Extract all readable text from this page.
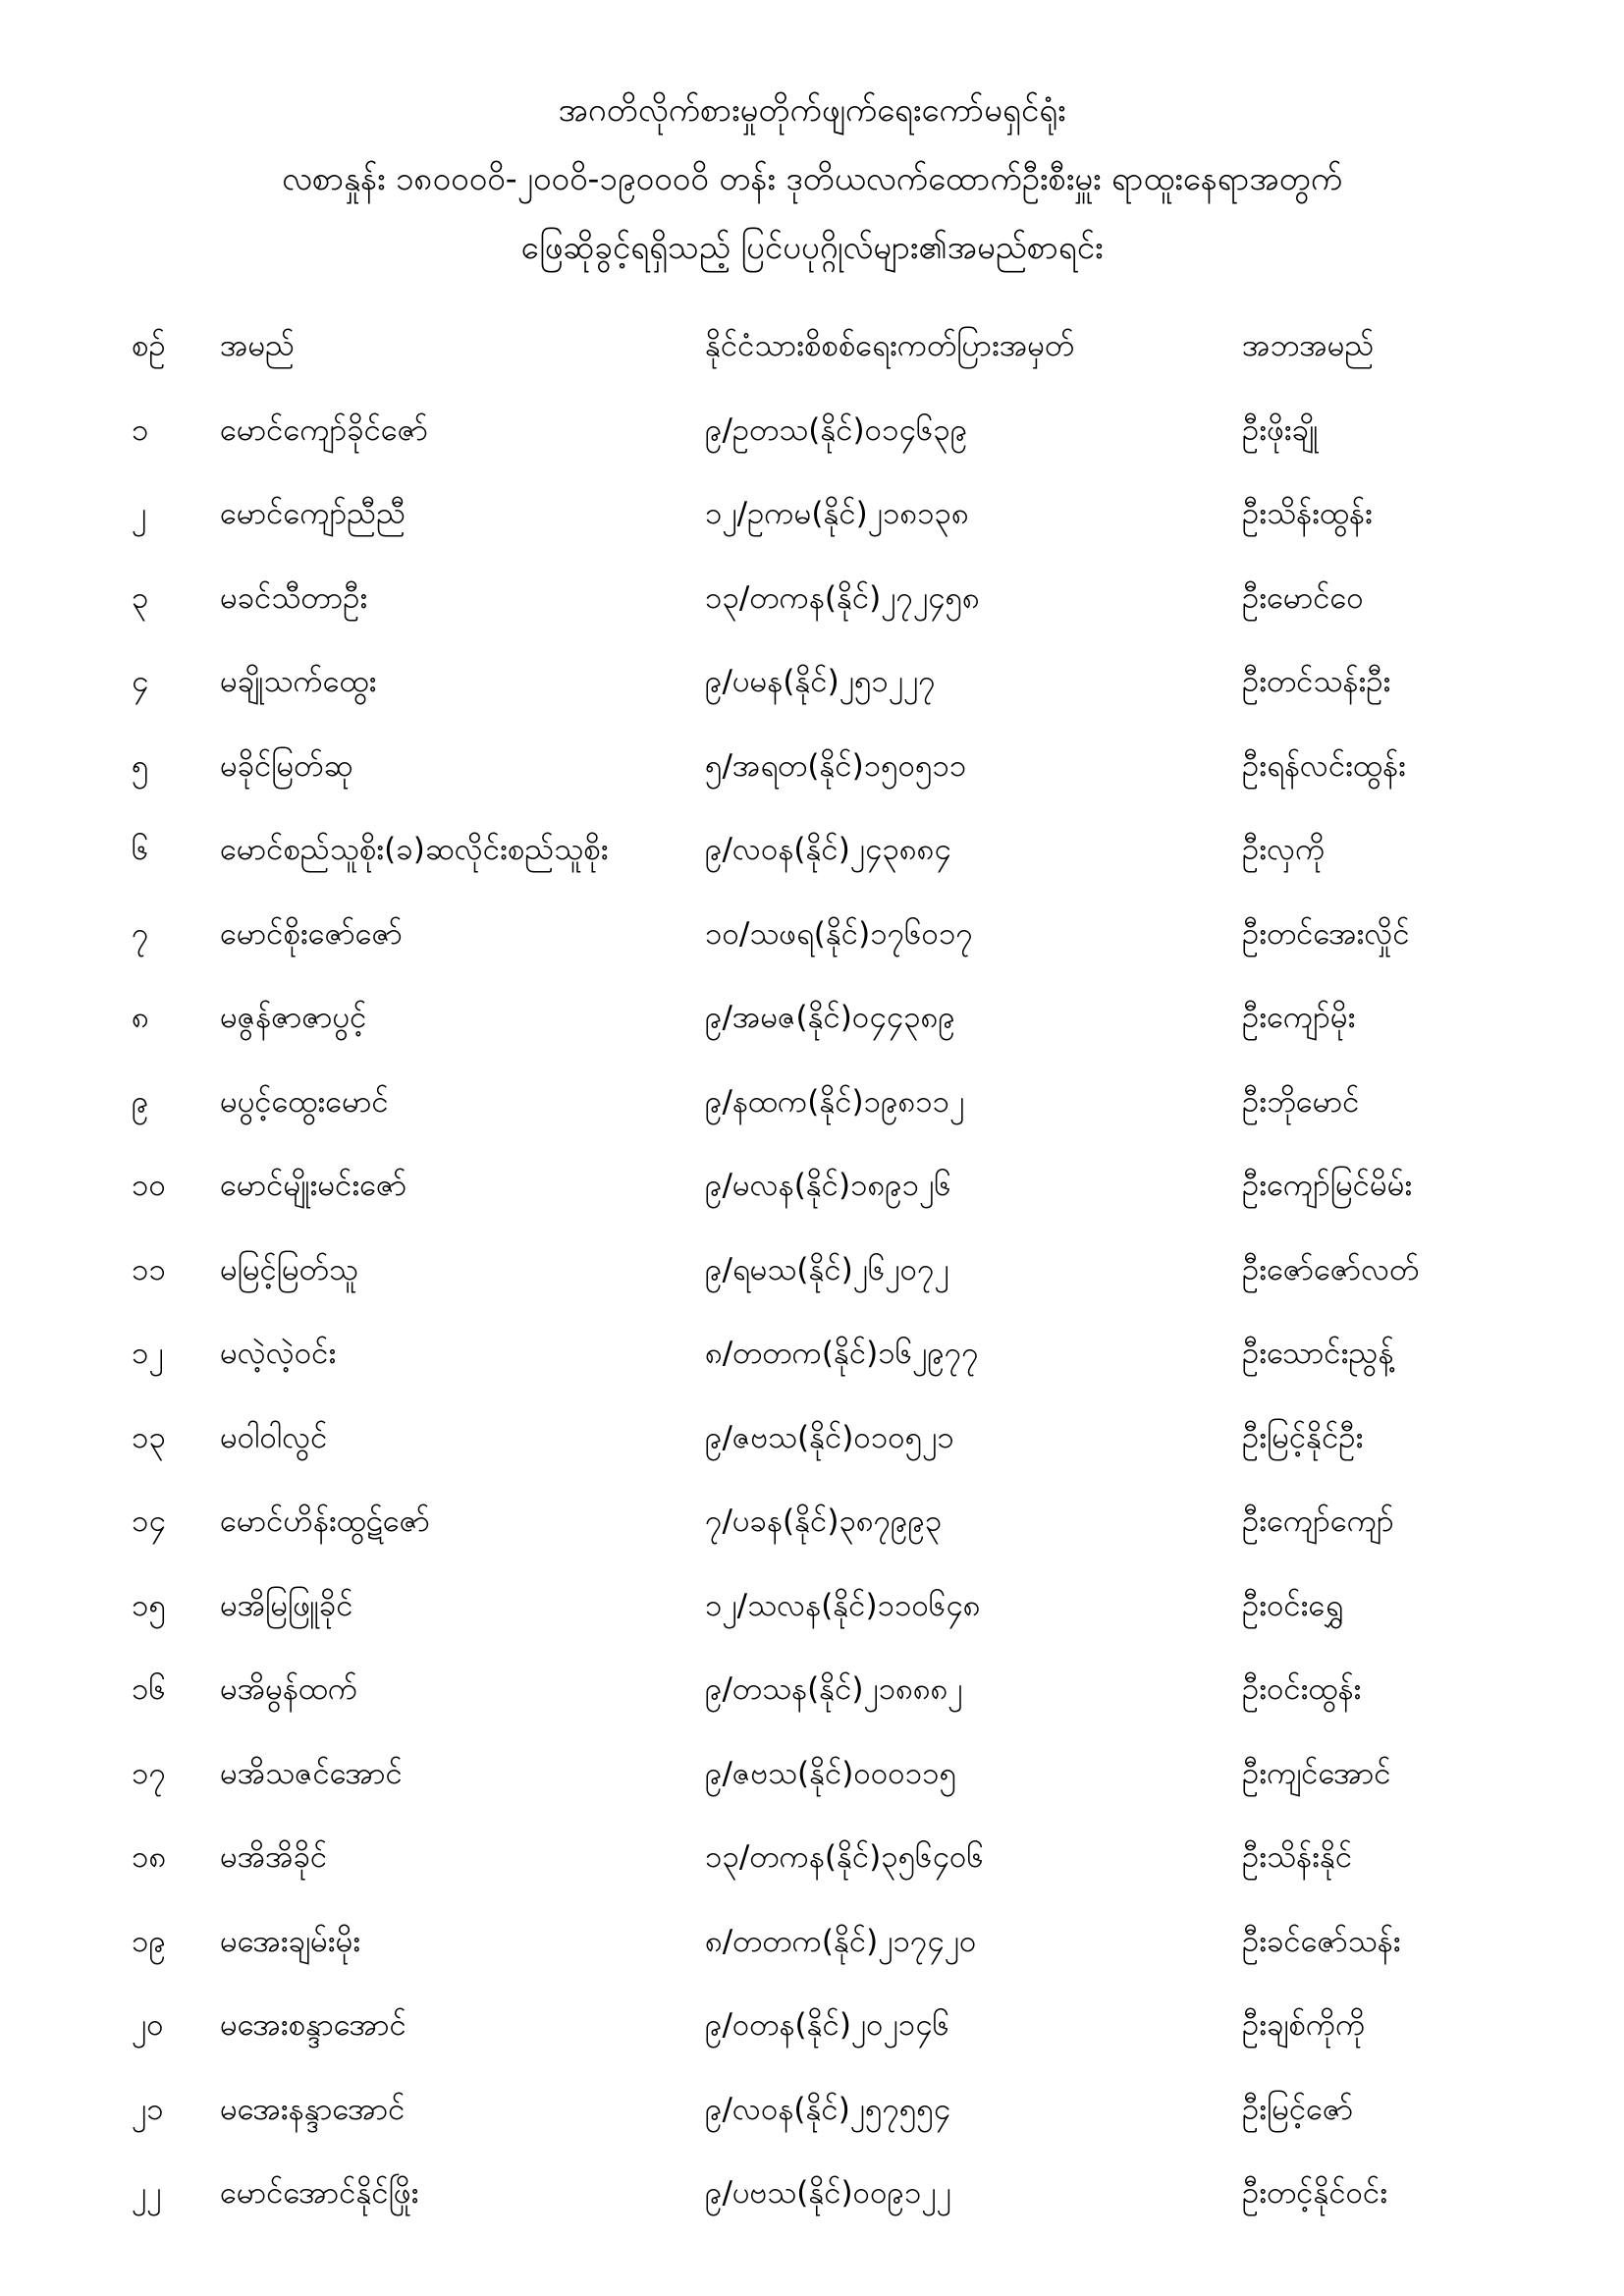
အဂတိလိုက်စားမှုတိုက်ဖျက်ရေးကော်မရှင်ရုံး
လစာနှုန်း ၁၈၀၀၀၀ိ-၂၀၀၀ိ-၁၉၀၀၀၀ိ တန်း ဒုတိယလက်ထောက်ဦးစီးမှူး ရာထူးနေရာအတွက်
ဖြေဆိုခွင့်ရရှိသည့် ပြင်ပပုဂ္ဂိုလ်များ၏အမည်စာရင်း
စဉ် အမည်	နိုင်ငံသားစိစစ်ရေးကတ်ပြားအမှတ်	အဘအမည်
၁ မောင်ကျော်ခိုင်ဇော်	၉/ဥတသ(နိုင်)၀၁၄၆၃၉	ဦးဖိုးချို
၂ မောင်ကျော်ညီညီ	၁၂/ဥကမ(နိုင်)၂၁၈၁၃၈	ဦးသိန်းထွန်း
၃ မခင်သီတာဦး	၁၃/တကန(နိုင်)၂၇၂၄၅၈	ဦးမောင်ဝေ
၄ မချိုသက်ထွေး	၉/ပမန(နိုင်)၂၅၁၂၂၇	ဦးတင်သန်းဦး
၅ မခိုင်မြတ်ဆု	၅/အရတ(နိုင်)၁၅၀၅၁၁	ဦးရန်လင်းထွန်း
၆ မောင်စည်သူစိုး(ခ)ဆလိုင်းစည်သူစိုး	၉/လဝန(နိုင်)၂၄၃၈၈၄	ဦးလှကို
၇ မောင်စိုးဇော်ဇော်	၁၀/သဖရ(နိုင်)၁၇၆၀၁၇	ဦးတင်အေးလှိုင်
၈ မဇွန်ဇာဇာပွင့်	၉/အမဇ(နိုင်)၀၄၄၃၈၉	ဦးကျော်မိုး
၉ မပွင့်ထွေးမောင်	၉/နထက(နိုင်)၁၉၈၁၁၂	ဦးဘိုမောင်
၁၀ မောင်မျိုးမင်းဇော်	၉/မလန(နိုင်)၁၈၉၁၂၆	ဦးကျော်မြင်မိမ်း
၁၁ မမြင့်မြတ်သူ	၉/ရမသ(နိုင်)၂၆၂၀၇၂	ဦးဇော်ဇော်လတ်
၁၂ မလဲ့လဲ့ဝင်း	၈/တတက(နိုင်)၁၆၂၉၇၇	ဦးသောင်းညွန့်
၁၃ မဝါဝါလွင်	၉/ဇဗသ(နိုင်)၀၁၀၅၂၁	ဦးမြင့်နိုင်ဦး
၁၄ မောင်ဟိန်းထွဋ်ဇော်	၇/ပခန(နိုင်)၃၈၇၉၉၃	ဦးကျော်ကျော်
၁၅ မအိမြဖြူခိုင်	၁၂/သလန(နိုင်)၁၁၀၆၄၈	ဦးဝင်းရွှေ
၁၆ မအိမွန်ထက်	၉/တသန(နိုင်)၂၁၈၈၈၂	ဦးဝင်းထွန်း
၁၇ မအိသဇင်အောင်	၉/ဇဗသ(နိုင်)၀၀၀၁၁၅	ဦးကျင်အောင်
၁၈ မအိအိခိုင်	၁၃/တကန(နိုင်)၃၅၆၄၀၆	ဦးသိန်းနိုင်
၁၉ မအေးချမ်းမိုး	၈/တတက(နိုင်)၂၁၇၄၂၀	ဦးခင်ဇော်သန်း
၂၀ မအေးစန္ဒာအောင်	၉/ဝတန(နိုင်)၂၀၂၁၄၆	ဦးချစ်ကိုကို
၂၁ မအေးနန္ဒာအောင်	၉/လဝန(နိုင်)၂၅၇၅၅၄	ဦးမြင့်ဇော်
၂၂ မောင်အောင်နိုင်ဖြိုး	၉/ပဗသ(နိုင်)၀၀၉၁၂၂	ဦးတင့်နိုင်ဝင်း
